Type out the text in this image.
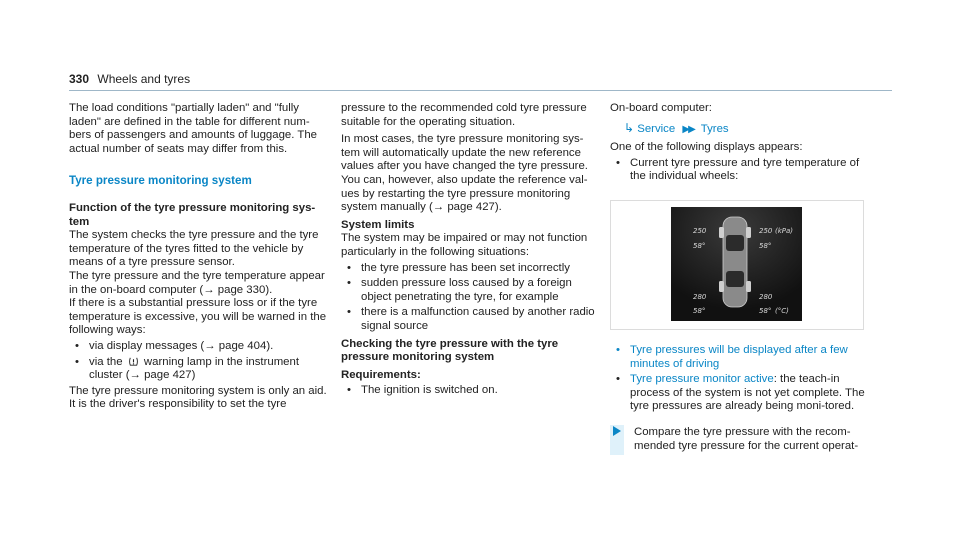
330 Wheels and tyres

The load conditions "partially laden" and "fully laden" are defined in the table for different num-bers of passengers and amounts of luggage. The actual number of seats may differ from this.

Tyre pressure monitoring system

Function of the tyre pressure monitoring sys-tem

The system checks the tyre pressure and the tyre temperature of the tyres fitted to the vehicle by means of a tyre pressure sensor.

The tyre pressure and the tyre temperature appear in the on-board computer (→ page 330).

If there is a substantial pressure loss or if the tyre temperature is excessive, you will be warned in the following ways:

• via display messages (→ page 404).
• via the warning lamp in the instrument cluster (→ page 427)

The tyre pressure monitoring system is only an aid. It is the driver's responsibility to set the tyre

pressure to the recommended cold tyre pressure suitable for the operating situation.

In most cases, the tyre pressure monitoring sys-tem will automatically update the new reference values after you have changed the tyre pressure. You can, however, also update the reference val-ues by restarting the tyre pressure monitoring system manually (→ page 427).

System limits

The system may be impaired or may not function particularly in the following situations:

• the tyre pressure has been set incorrectly
• sudden pressure loss caused by a foreign object penetrating the tyre, for example
• there is a malfunction caused by another radio signal source

Checking the tyre pressure with the tyre pressure monitoring system

Requirements:

• The ignition is switched on.

On-board computer:

↳ Service ▶▶ Tyres

One of the following displays appears:

• Current tyre pressure and tyre temperature of the individual wheels:
250	250 (kPa)
58°	58°
280	280
58°	58° (°C)
• Tyre pressures will be displayed after a few minutes of driving
• Tyre pressure monitor active: the teach-in process of the system is not yet complete. The tyre pressures are already being moni-tored.
Compare the tyre pressure with the recom-mended tyre pressure for the current operat-
